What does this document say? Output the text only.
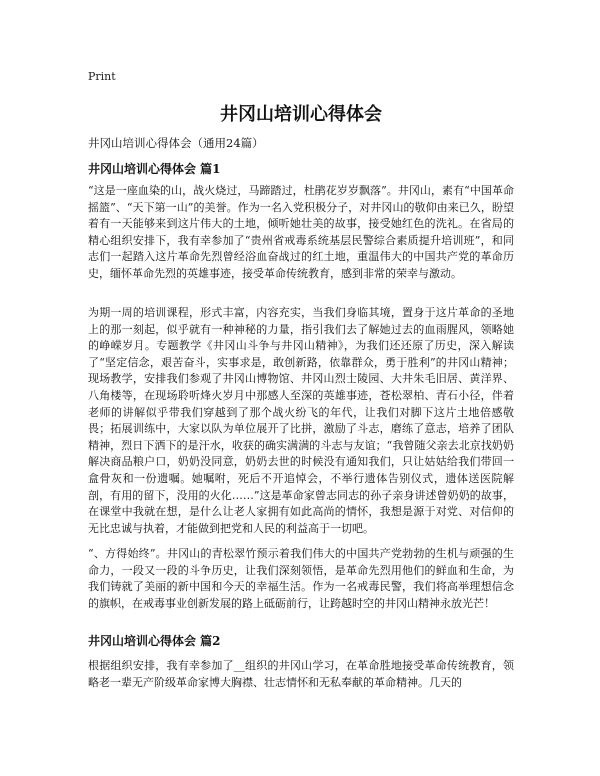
Print
井冈山培训心得体会

井冈山培训心得体会（通用24篇）

井冈山培训心得体会 篇1

“这是一座血染的山，战火烧过，马蹄踏过，杜鹃花岁岁飘落”。井冈山，素有“中国革命摇篮”、“天下第一山”的美誉。作为一名入党积极分子，对井冈山的敬仰由来已久，盼望着有一天能够来到这片伟大的土地，倾听她壮美的故事，接受她红色的洗礼。在省局的精心组织安排下，我有幸参加了“贵州省戒毒系统基层民警综合素质提升培训班”，和同志们一起踏入这片革命先烈曾经浴血奋战过的红土地，重温伟大的中国共产党的革命历史，缅怀革命先烈的英雄事迹，接受革命传统教育，感到非常的荣幸与激动。

为期一周的培训课程，形式丰富，内容充实，当我们身临其境，置身于这片革命的圣地上的那一刻起，似乎就有一种神秘的力量，指引我们去了解她过去的血雨腥风，领略她的峥嵘岁月。专题教学《井冈山斗争与井冈山精神》，为我们还还原了历史，深入解读了“坚定信念，艰苦奋斗，实事求是，敢创新路，依靠群众，勇于胜利”的井冈山精神；现场教学，安排我们参观了井冈山博物馆、井冈山烈士陵园、大井朱毛旧居、黄洋界、八角楼等，在现场聆听烽火岁月中那感人至深的英雄事迹，苍松翠柏、青石小径，伴着老师的讲解似乎带我们穿越到了那个战火纷飞的年代，让我们对脚下这片土地倍感敬畏；拓展训练中，大家以队为单位展开了比拼，激励了斗志，磨练了意志，培养了团队精神，烈日下洒下的是汗水，收获的确实满满的斗志与友谊；“我曾随父亲去北京找奶奶解决商品粮户口，奶奶没同意，奶奶去世的时候没有通知我们，只让姑姑给我们带回一盒骨灰和一份遗嘱。她嘱咐，死后不开追悼会，不举行遗体告别仪式，遗体送医院解剖，有用的留下，没用的火化……”这是革命家曾志同志的孙子亲身讲述曾奶奶的故事，在课堂中我就在想，是什么让老人家拥有如此高尚的情怀，我想是源于对党、对信仰的无比忠诚与执着，才能做到把党和人民的利益高于一切吧。

“、方得始终”。井冈山的青松翠竹预示着我们伟大的中国共产党勃勃的生机与顽强的生命力，一段又一段的斗争历史，让我们深刻领悟，是革命先烈用他们的鲜血和生命，为我们铸就了美丽的新中国和今天的幸福生活。作为一名戒毒民警，我们将高举理想信念的旗帜，在戒毒事业创新发展的路上砥砺前行，让跨越时空的井冈山精神永放光芒！

井冈山培训心得体会 篇2

根据组织安排，我有幸参加了__组织的井冈山学习，在革命胜地接受革命传统教育，领略老一辈无产阶级革命家博大胸襟、壮志情怀和无私奉献的革命精神。几天的
